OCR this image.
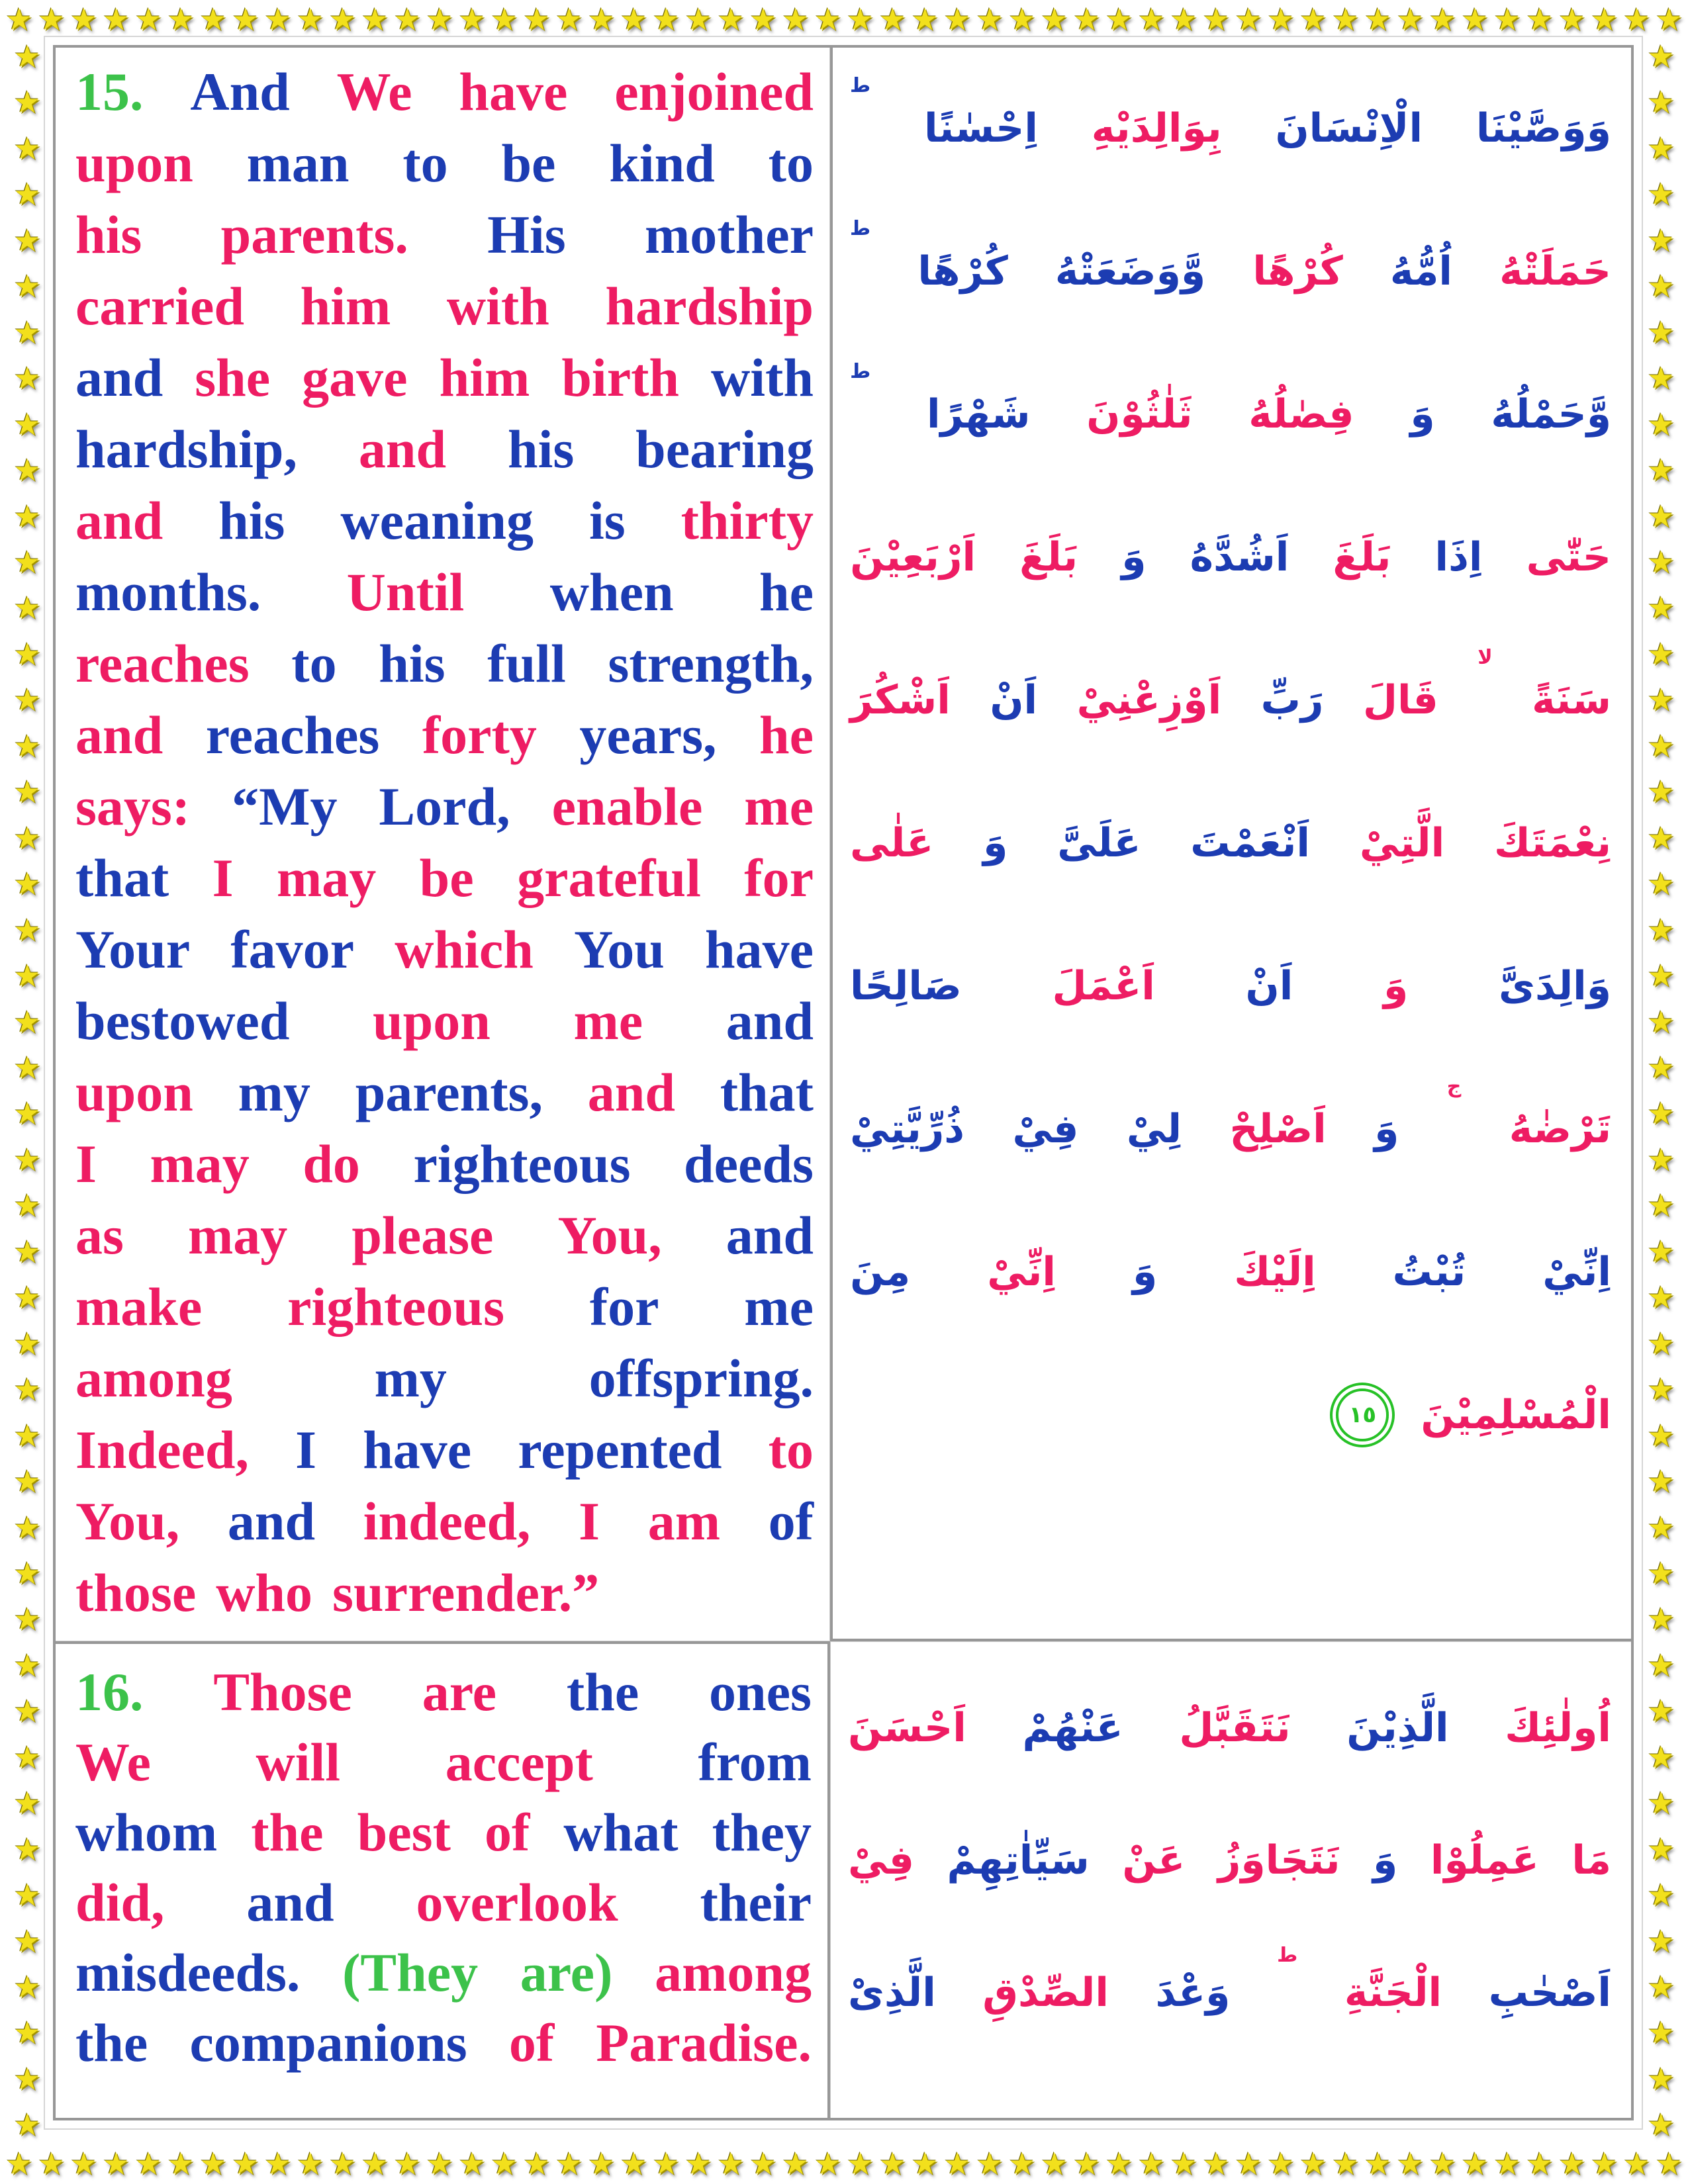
★ ★ ★ ★ ★ ★ ★ ★ ★ ★ ★ ★ ★ ★ ★ ★ ★ ★ ★ ★ ★ ★ ★ ★ ★ ★ ★ ★ ★ ★ ★ ★ ★ ★ ★ ★ ★ ★ ★ ★ ★ ★ ★ ★ ★ ★ ★ ★ ★ ★ ★ ★
★ ★ ★ ★ ★ ★ ★ ★ ★ ★ ★ ★ ★ ★ ★ ★ ★ ★ ★ ★ ★ ★ ★ ★ ★ ★ ★ ★ ★ ★ ★ ★ ★ ★ ★ ★ ★ ★ ★ ★ ★ ★ ★ ★ ★ ★ ★ ★ ★ ★ ★ ★
★
★
★
★
★
★
★
★
★
★
★
★
★
★
★
★
★
★
★
★
★
★
★
★
★
★
★
★
★
★
★
★
★
★
★
★
★
★
★
★
★
★
★
★
★
★
★
★
★
★
★
★
★
★
★
★
★
★
★
★
★
★
★
★
★
★
★
★
★
★
★
★
★
★
★
★
★
★
★
★
★
★
★
★
★
★
★
★
★
★
★
★
15. And We have enjoined
upon man to be kind to
his parents. His mother
carried him with hardship
and she gave him birth with
hardship, and his bearing
and his weaning is thirty
months. Until when he
reaches to his full strength,
and reaches forty years, he
says: “My Lord, enable me
that I may be grateful for
Your favor which You have
bestowed upon me and
upon my parents, and that
I may do righteous deeds
as may please You, and
make righteous for me
among	my	offspring.
Indeed, I have repented to
You, and indeed, I am of
those who surrender.”
وَوَصَّيْنَا
الْاِنْسَانَ
بِوَالِدَيْهِ
اِحْسٰنًا
ط
حَمَلَتْهُ
اُمُّهُ
كُرْهًا
وَّوَضَعَتْهُ
كُرْهًا
ط
وَّحَمْلُهُ
وَ
فِصٰلُهُ
ثَلٰثُوْنَ
شَهْرًا
ط
حَتّٰى
اِذَا
بَلَغَ
اَشُدَّهُ
وَ
بَلَغَ
اَرْبَعِيْنَ
سَنَةً
لا
قَالَ
رَبِّ
اَوْزِعْنِيْ
اَنْ
اَشْكُرَ
نِعْمَتَكَ
الَّتِيْ
اَنْعَمْتَ
عَلَىَّ
وَ
عَلٰى
وَالِدَىَّ
وَ
اَنْ
اَعْمَلَ
صَالِحًا
تَرْضٰهُ
ج
وَ
اَصْلِحْ
لِيْ
فِيْ
ذُرِّيَّتِيْ
اِنِّيْ
تُبْتُ
اِلَيْكَ
وَ
اِنِّيْ
مِنَ
الْمُسْلِمِيْنَ
١٥
16. Those are the ones
We will accept from
whom the best of what they
did, and overlook their
misdeeds. (They are) among
the companions of Paradise.
اُولٰئِكَ
الَّذِيْنَ
نَتَقَبَّلُ
عَنْهُمْ
اَحْسَنَ
مَا
عَمِلُوْا
وَ
نَتَجَاوَزُ
عَنْ
سَيِّاٰتِهِمْ
فِيْ
اَصْحٰبِ
الْجَنَّةِ
ط
وَعْدَ
الصِّدْقِ
الَّذِىْ
